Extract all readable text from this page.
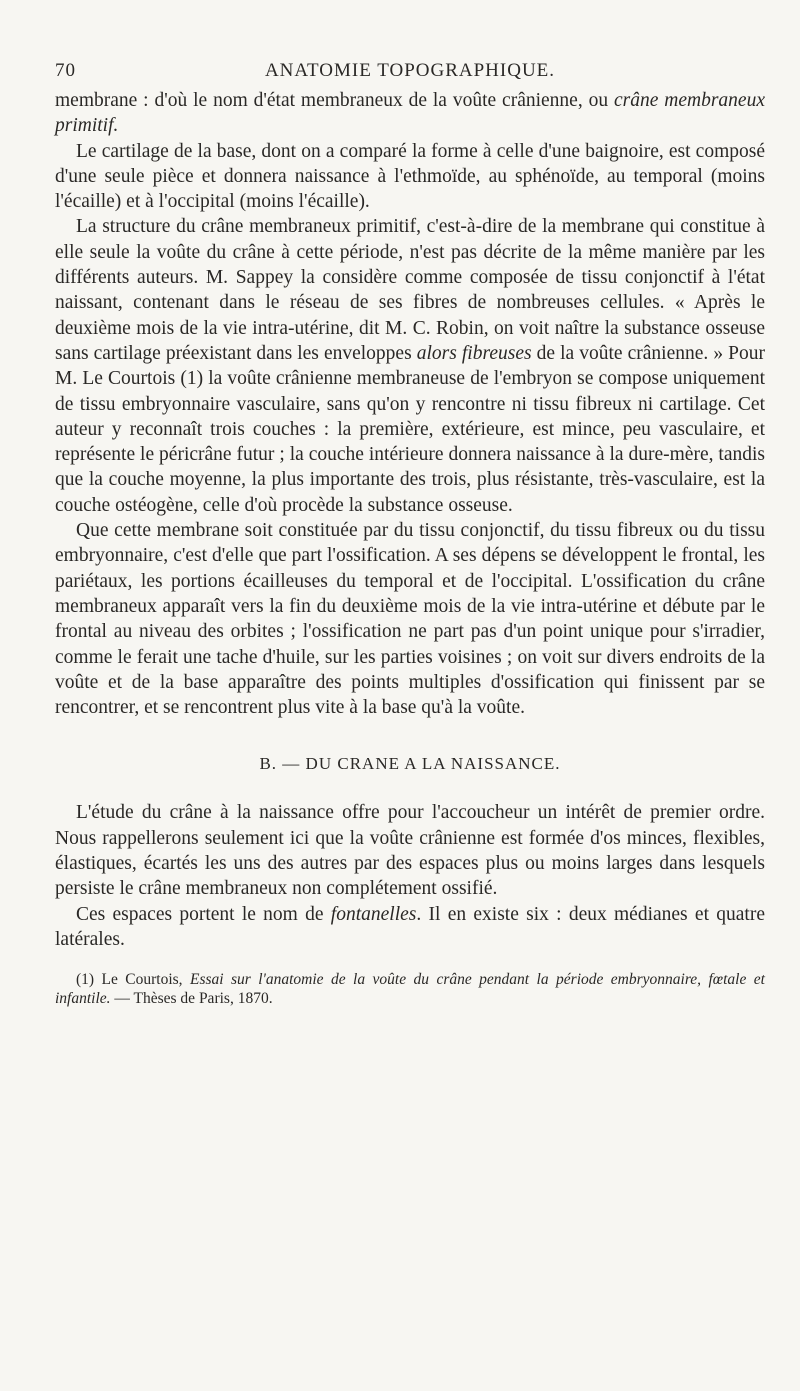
70	ANATOMIE TOPOGRAPHIQUE.

membrane : d'où le nom d'état membraneux de la voûte crânienne, ou crâne membraneux primitif.

Le cartilage de la base, dont on a comparé la forme à celle d'une baignoire, est composé d'une seule pièce et donnera naissance à l'ethmoïde, au sphénoïde, au temporal (moins l'écaille) et à l'occipital (moins l'écaille).

La structure du crâne membraneux primitif, c'est-à-dire de la membrane qui constitue à elle seule la voûte du crâne à cette période, n'est pas décrite de la même manière par les différents auteurs. M. Sappey la considère comme composée de tissu conjonctif à l'état naissant, contenant dans le réseau de ses fibres de nombreuses cellules. « Après le deuxième mois de la vie intra-utérine, dit M. C. Robin, on voit naître la substance osseuse sans cartilage préexistant dans les enveloppes alors fibreuses de la voûte crânienne. » Pour M. Le Courtois (1) la voûte crânienne membraneuse de l'embryon se compose uniquement de tissu embryonnaire vasculaire, sans qu'on y rencontre ni tissu fibreux ni cartilage. Cet auteur y reconnaît trois couches : la première, extérieure, est mince, peu vasculaire, et représente le péricrâne futur ; la couche intérieure donnera naissance à la dure-mère, tandis que la couche moyenne, la plus importante des trois, plus résistante, très-vasculaire, est la couche ostéogène, celle d'où procède la substance osseuse.

Que cette membrane soit constituée par du tissu conjonctif, du tissu fibreux ou du tissu embryonnaire, c'est d'elle que part l'ossification. A ses dépens se développent le frontal, les pariétaux, les portions écailleuses du temporal et de l'occipital. L'ossification du crâne membraneux apparaît vers la fin du deuxième mois de la vie intra-utérine et débute par le frontal au niveau des orbites ; l'ossification ne part pas d'un point unique pour s'irradier, comme le ferait une tache d'huile, sur les parties voisines ; on voit sur divers endroits de la voûte et de la base apparaître des points multiples d'ossification qui finissent par se rencontrer, et se rencontrent plus vite à la base qu'à la voûte.

B. — DU CRANE A LA NAISSANCE.

L'étude du crâne à la naissance offre pour l'accoucheur un intérêt de premier ordre. Nous rappellerons seulement ici que la voûte crânienne est formée d'os minces, flexibles, élastiques, écartés les uns des autres par des espaces plus ou moins larges dans lesquels persiste le crâne membraneux non complétement ossifié.

Ces espaces portent le nom de fontanelles. Il en existe six : deux médianes et quatre latérales.

(1) Le Courtois, Essai sur l'anatomie de la voûte du crâne pendant la période embryonnaire, fœtale et infantile. — Thèses de Paris, 1870.
